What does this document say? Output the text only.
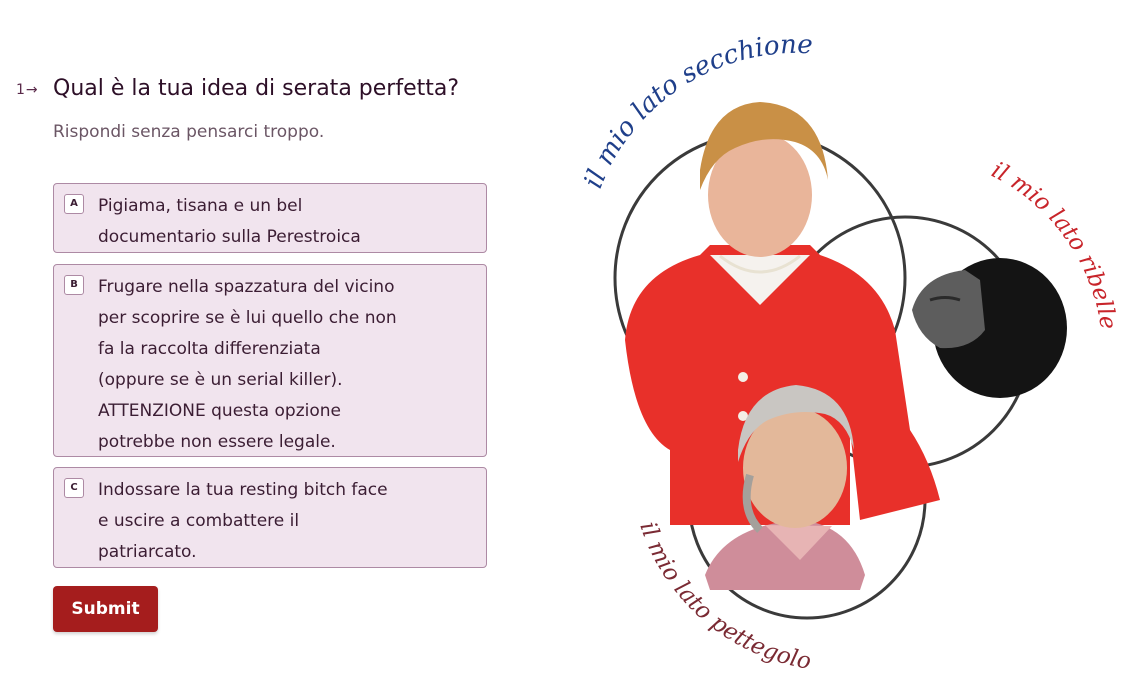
1→ Qual è la tua idea di serata perfetta?
Rispondi senza pensarci troppo.
A	Pigiama, tisana e un bel
documentario sulla Perestroica
B	Frugare nella spazzatura del vicino
per scoprire se è lui quello che non
fa la raccolta differenziata
(oppure se è un serial killer).
ATTENZIONE questa opzione
potrebbe non essere legale.
C	Indossare la tua resting bitch face
e uscire a combattere il
patriarcato.
Submit
il mio lato secchione
il mio lato ribelle
il mio lato pettegolo
